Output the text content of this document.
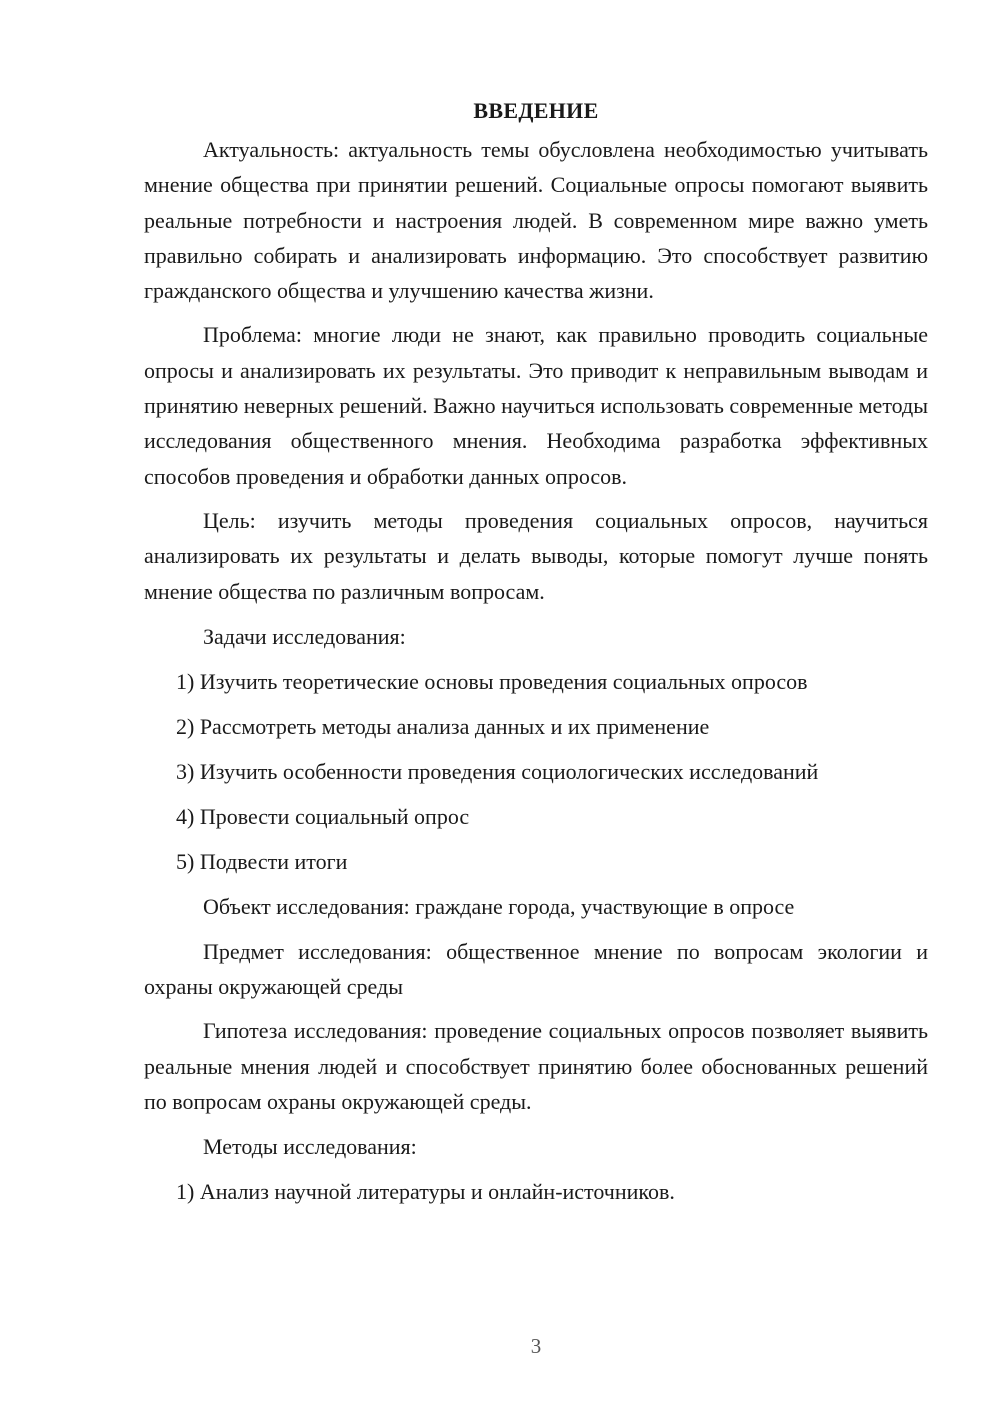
ВВЕДЕНИЕ

Актуальность: актуальность темы обусловлена необходимостью учитывать мнение общества при принятии решений. Социальные опросы помогают выявить реальные потребности и настроения людей. В современном мире важно уметь правильно собирать и анализировать информацию. Это способствует развитию гражданского общества и улучшению качества жизни.

Проблема: многие люди не знают, как правильно проводить социальные опросы и анализировать их результаты. Это приводит к неправильным выводам и принятию неверных решений. Важно научиться использовать современные методы исследования общественного мнения. Необходима разработка эффективных способов проведения и обработки данных опросов.

Цель: изучить методы проведения социальных опросов, научиться анализировать их результаты и делать выводы, которые помогут лучше понять мнение общества по различным вопросам.

Задачи исследования:
1) Изучить теоретические основы проведения социальных опросов
2) Рассмотреть методы анализа данных и их применение
3) Изучить особенности проведения социологических исследований
4) Провести социальный опрос
5) Подвести итоги
Объект исследования: граждане города, участвующие в опросе

Предмет исследования: общественное мнение по вопросам экологии и охраны окружающей среды

Гипотеза исследования: проведение социальных опросов позволяет выявить реальные мнения людей и способствует принятию более обоснованных решений по вопросам охраны окружающей среды.

Методы исследования:
1) Анализ научной литературы и онлайн-источников.
3
